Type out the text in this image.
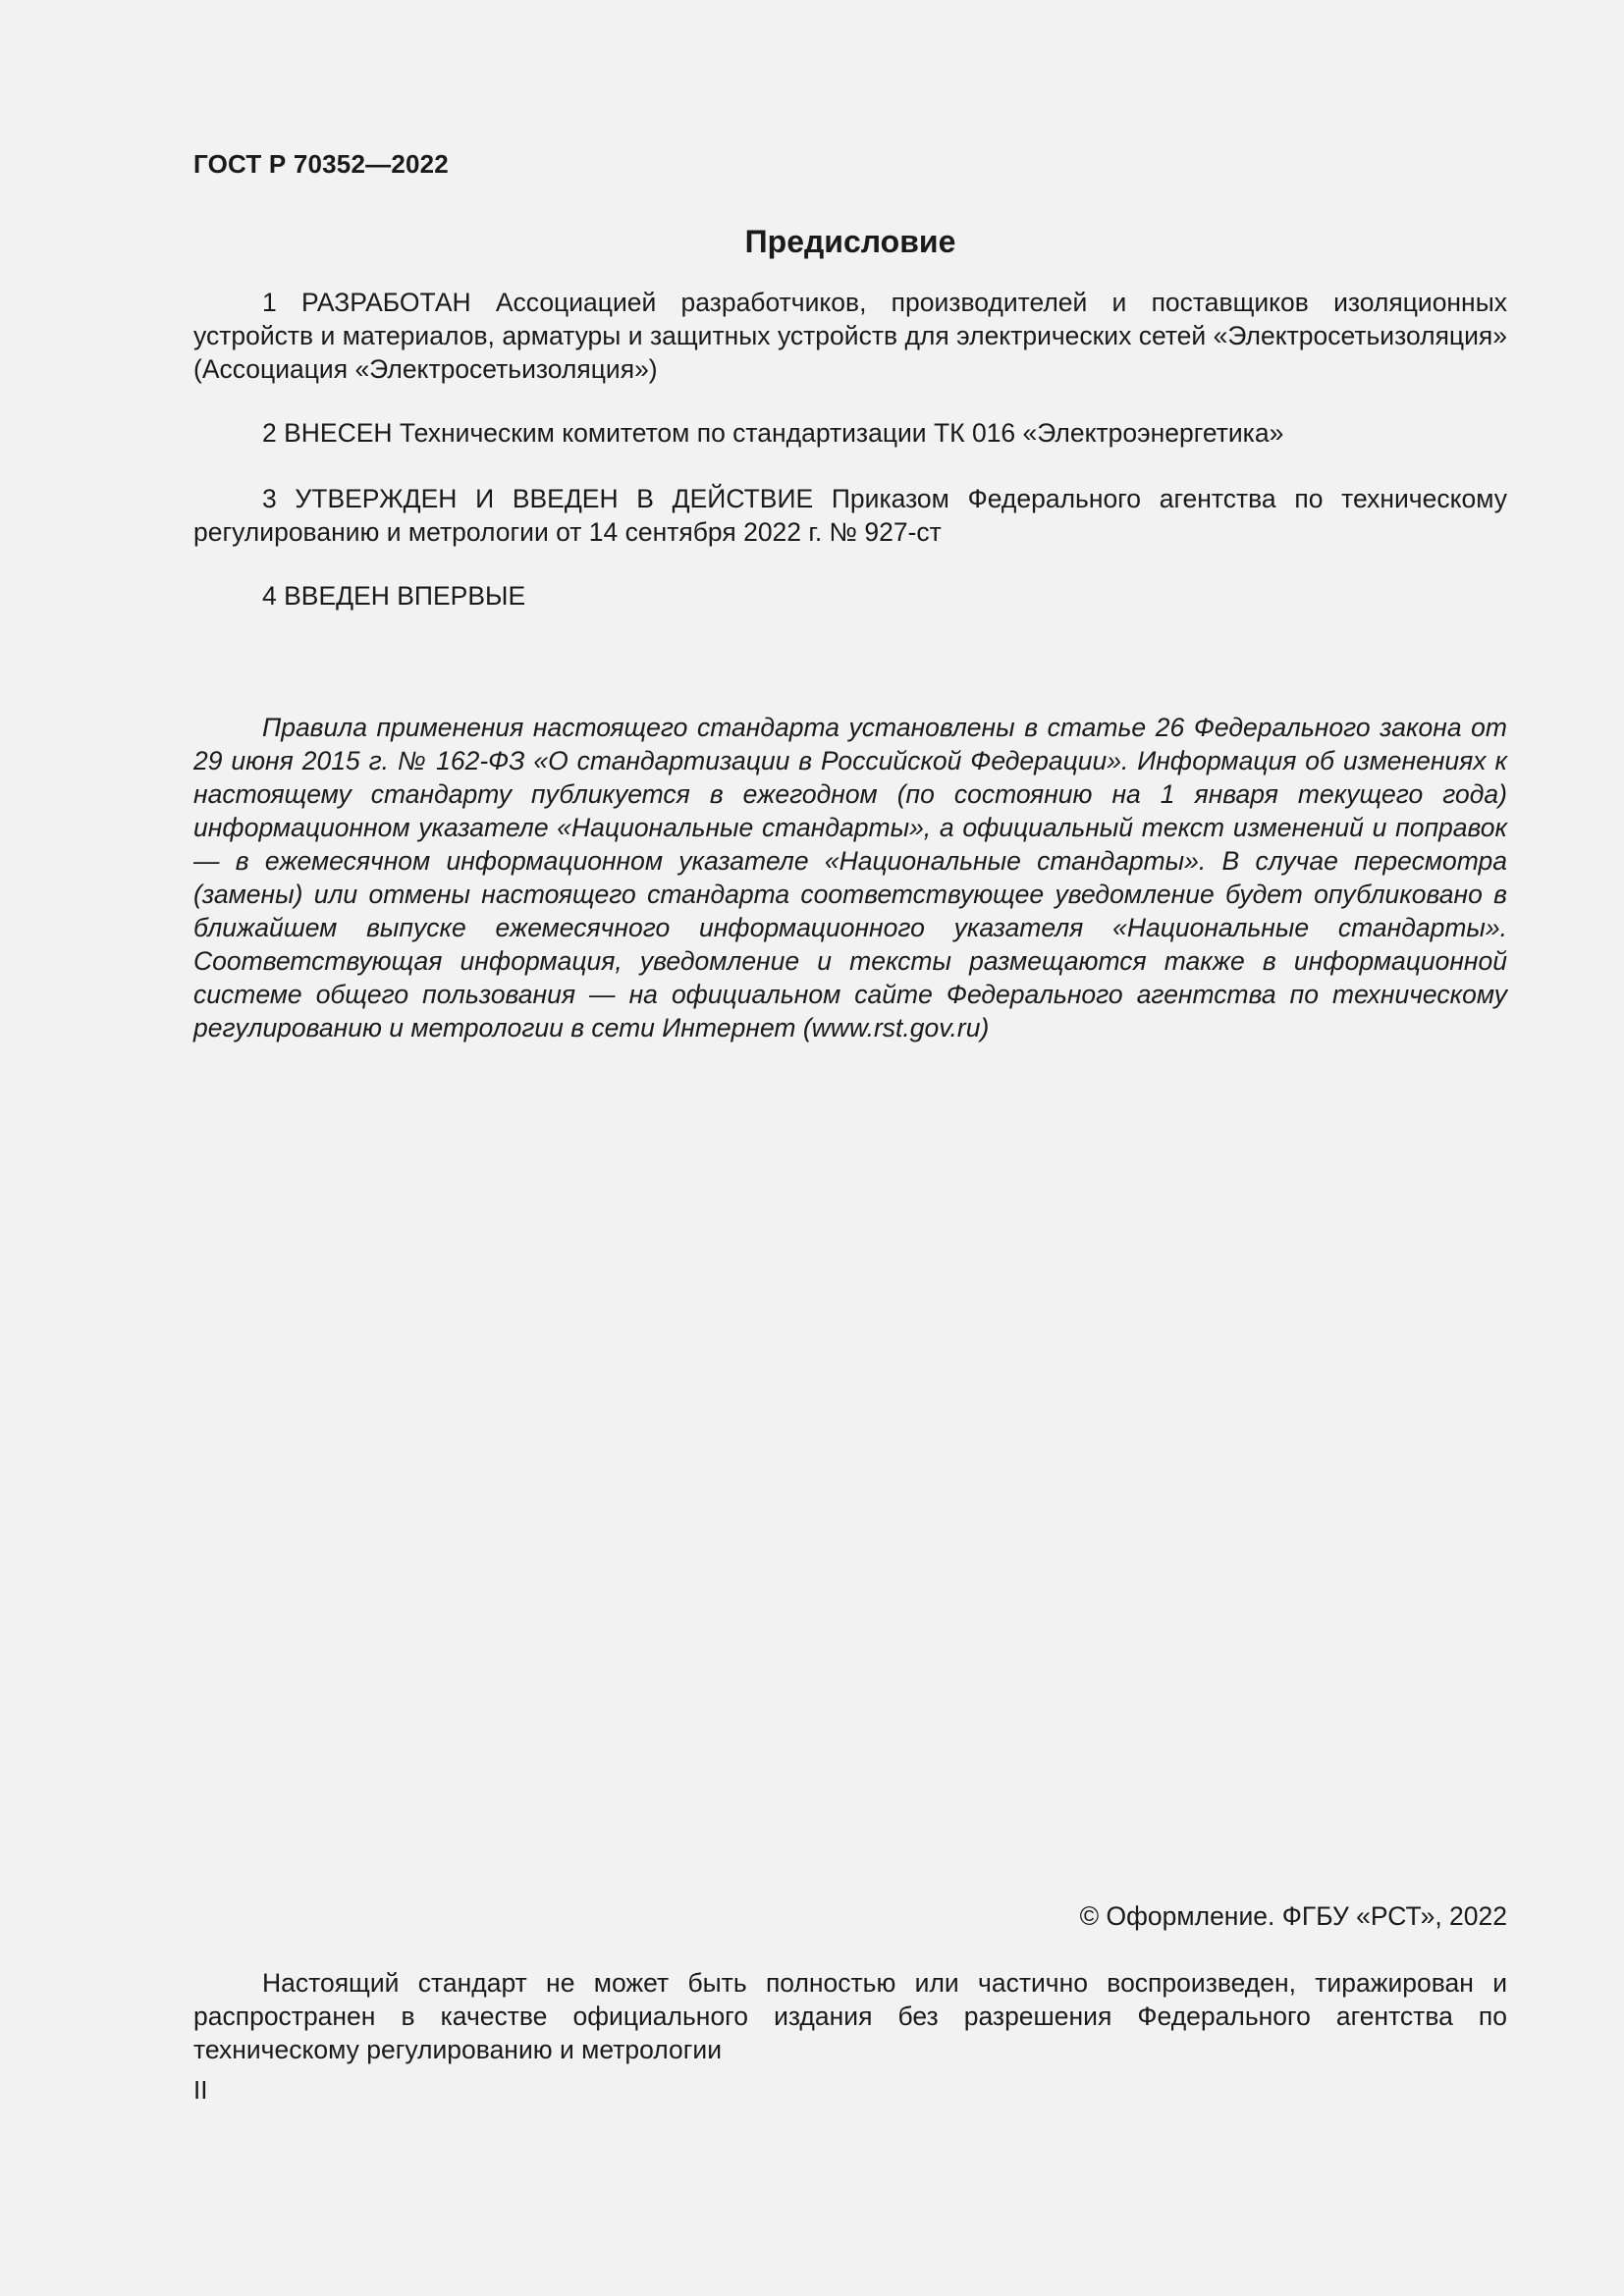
ГОСТ Р 70352—2022
Предисловие

1 РАЗРАБОТАН Ассоциацией разработчиков, производителей и поставщиков изоляционных устройств и материалов, арматуры и защитных устройств для электрических сетей «Электросетьизоляция» (Ассоциация «Электросетьизоляция»)

2 ВНЕСЕН Техническим комитетом по стандартизации ТК 016 «Электроэнергетика»

3 УТВЕРЖДЕН И ВВЕДЕН В ДЕЙСТВИЕ Приказом Федерального агентства по техническому регулированию и метрологии от 14 сентября 2022 г. № 927-ст

4 ВВЕДЕН ВПЕРВЫЕ

Правила применения настоящего стандарта установлены в статье 26 Федерального закона от 29 июня 2015 г. № 162-ФЗ «О стандартизации в Российской Федерации». Информация об изменениях к настоящему стандарту публикуется в ежегодном (по состоянию на 1 января текущего года) информационном указателе «Национальные стандарты», а официальный текст изменений и поправок — в ежемесячном информационном указателе «Национальные стандарты». В случае пересмотра (замены) или отмены настоящего стандарта соответствующее уведомление будет опубликовано в ближайшем выпуске ежемесячного информационного указателя «Национальные стандарты». Соответствующая информация, уведомление и тексты размещаются также в информационной системе общего пользования — на официальном сайте Федерального агентства по техническому регулированию и метрологии в сети Интернет (www.rst.gov.ru)

© Оформление. ФГБУ «РСТ», 2022

Настоящий стандарт не может быть полностью или частично воспроизведен, тиражирован и распространен в качестве официального издания без разрешения Федерального агентства по техническому регулированию и метрологии

II
